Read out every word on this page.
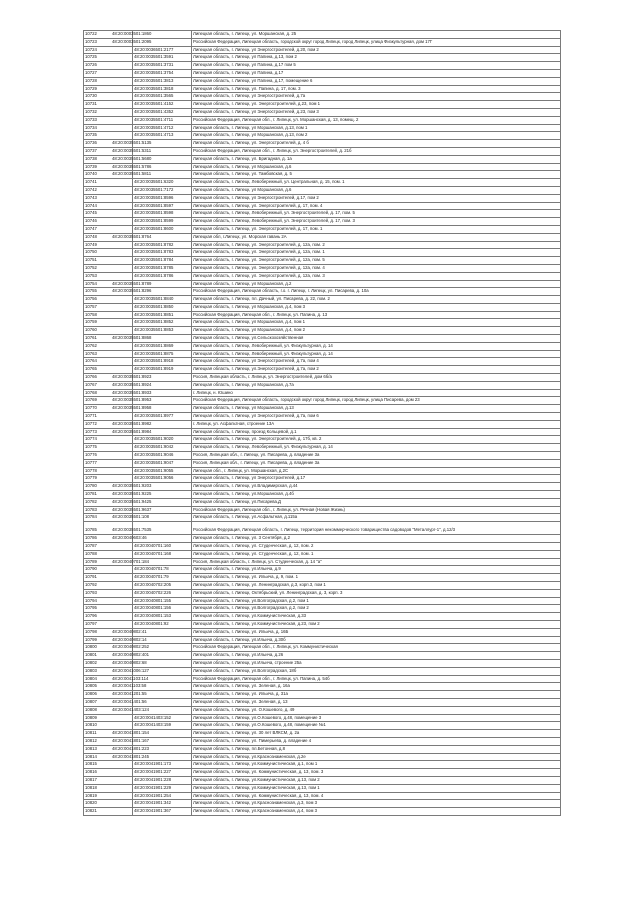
10722	48:20:0003501:1860	Липецкая область, г. Липецк, ул. Моршанская, д. 25
10723	48:20:0003501:2095	Российская Федерация, Липецкая область, городской округ город Липецк, город Липецк, улица Физкультурная, дом 17Г
10724	48:20:0036501:2177	Липецкая область, г. Липецк, ул Энергостроителей, д.20, пом 2
10725	48:20:0035501:3591	Липецкая область, г. Липецк, ул Папина, д.13, пом 2
10726	48:20:0035501:3731	Липецкая область, г. Липецк, ул Папина, д.17 пом 5
10727	48:20:0035501:3754	Липецкая область, г. Липецк, ул Папина, д.17
10728	48:20:0035501:3813	Липецкая область, г. Липецк, ул Папина, д.17, помещение 6
10729	48:20:0035501:3818	Липецкая область, г. Липецк, ул. Папина, д. 17, пом. 3
10730	48:20:0035501:3565	Липецкая область, г. Липецк, ул Энергостроителей, д.7а
10731	48:20:0035501:4152	Липецкая область, г. Липецк, ул. Энергостроителей, д.23, пом 1
10732	48:20:0035501:4352	Липецкая область, г. Липецк, ул Энергостроителей, д.23, пом 3
10733	48:20:0035501:4711	Российская Федерация, Липецкая обл., г. Липецк, ул. Моршанская, д. 13, помещ. 2
10734	48:20:0035501:4712	Липецкая область, г. Липецк, ул Моршанская, д.13, пом 1
10735	48:20:0035501:4713	Липецкая область, г. Липецк, ул Моршанская, д.13, пом 2
10736	48:20:0035501:5135	Липецкая область, г. Липецк, ул. Энергостроителей, д. 4 б
10737	48:20:0035501:5311	Российская Федерация, Липецкая обл., г. Липецк, ул. Энергостроителей, д. 21б
10738	48:20:0035501:5680	Липецкая область, г. Липецк, ул. Бригадная, д. 1а
10739	48:20:0035501:5786	Липецкая область, г. Липецк, ул Моршанская, д.6
10740	48:20:0035501:5811	Липецкая область, г. Липецк, ул. Тамбовская, д. 5
10741	48:20:0035501:6320	Липецкая область, г. Липецк, Левобережный, ул. Центральная, д. 15, пом. 1
10742	48:20:0035501:7172	Липецкая область, г. Липецк, ул Моршанская, д.6
10743	48:20:0035501:8596	Липецкая область, г. Липецк, ул Энергостроителей, д.17, пом 2
10744	48:20:0035501:8597	Липецкая область, г. Липецк, ул. Энергостроителей, д. 17, пом. 4
10745	48:20:0035501:8598	Липецкая область, г. Липецк, Левобережный, ул. Энергостроителей, д. 17, пом. 5
10746	48:20:0035501:8599	Липецкая область, г. Липецк, Левобережный, ул. Энергостроителей, д. 17, пом. 3
10747	48:20:0035501:8600	Липецкая область, г. Липецк, ул. Энергостроителей, д. 17, пом. 1
10748	48:20:0035501:8764	Липецкая обл, г.Липецк, ул. Морская гавань 2А
10749	48:20:0035501:8782	Липецкая область, г. Липецк, ул. Энергостроителей, д. 12а, пом. 2
10750	48:20:0035501:8783	Липецкая область, г. Липецк, ул. Энергостроителей, д. 12а, пом. 1
10751	48:20:0035501:8784	Липецкая область, г. Липецк, ул. Энергостроителей, д. 12а, пом. 5
10752	48:20:0035501:8785	Липецкая область, г. Липецк, ул. Энергостроителей, д. 12а, пом. 4
10753	48:20:0035501:8786	Липецкая область, г. Липецк, ул. Энергостроителей, д. 12а, пом. 3
10754	48:20:0035501:8789	Липецкая область, г. Липецк, ул Моршанская, д.2
10755	48:20:0035501:8296	Российская Федерация, Липецкая область, г.о. г. Липецк, г. Липецк, ул. Писарева, д. 10а
10756	48:20:0035501:8840	Липецкая область, г. Липецк, пл. Дачный, ул. Писарева, д. 22, пом. 2
10757	48:20:0035501:8850	Липецкая область, г. Липецк, ул Моршанская, д.4, пом 3
10758	48:20:0035501:8851	Российская Федерация, Липецкая обл., г. Липецк, ул. Папина, д. 13
10759	48:20:0035501:8852	Липецкая область, г. Липецк, ул Моршанская, д.4, пом 1
10760	48:20:0035501:8853	Липецкая область, г. Липецк, ул Моршанская, д.4, пом 2
10761	48:20:0035501:8868	Липецкая область, г. Липецк, ул.Сельскохозяйственная
10762	48:20:0035501:8869	Липецкая область, г. Липецк, Левобережный, ул. Физкультурная, д. 14
10763	48:20:0035501:8875	Липецкая область, г. Липецк, Левобережный, ул. Физкультурная, д. 14
10764	48:20:0035501:8918	Липецкая область, г. Липецк, ул Энергостроителей, д.7а, пом 4
10765	48:20:0035501:8919	Липецкая область, г. Липецк, ул.Энергостроителей, д.7а, пом 2
10766	48:20:0035501:8923	Россия, Липецкая область, г. Липецк, ул. Энергостроителей, дом 6б/а
10767	48:20:0035501:8924	Липецкая область, г. Липецк, ул Моршанская, д.7а
10768	48:20:0035501:8933	г. Липецк, н. Юшино
10769	48:20:0035501:8953	Российская Федерация, Липецкая область, городской округ город Липецк, город Липецк, улица Писарева, дом 23
10770	48:20:0035501:8958	Липецкая область, г. Липецк, ул Моршанская, д.13
10771	48:20:0035501:8977	Липецкая область, г. Липецк, ул Энергостроителей, д.7а, пом 6
10772	48:20:0035501:8982	г. Липецк, ул. Асфальтная, строение 13А
10773	48:20:0035501:8984	Липецкая область, г. Липецк, проезд Кольцевой, д.1
10774	48:20:0035501:9020	Липецкая область, г. Липецк, ул. Энергостроителей, д. 17б, кв. 2
10775	48:20:0035501:9042	Липецкая область, г. Липецк, Левобережный, ул. Физкультурная, д. 14
10776	48:20:0035501:9046	Россия, Липецкая обл., г. Липецк, ул. Писарева, д. владение 3а
10777	48:20:0035501:9047	Россия, Липецкая обл., г. Липецк, ул. Писарева, д. владение 3а
10778	48:20:0035501:9055	Липецкая обл., г. Липецк, ул. Моршанская, д.2С
10779	48:20:0035501:9056	Липецкая область, г. Липецк, ул Энергостроителей, д.17
10780	48:20:0035501:9203	Липецкая область, г. Липецк, ул.Владимирская, д.44
10781	48:20:0035501:9225	Липецкая область, г. Липецк, ул.Моршанская, д.4б
10782	48:20:0035501:9425	Липецкая область, г. Липецк, ул.Писарева,Д
10783	48:20:0035501:9637	Российская Федерация, Липецкая обл., г. Липецк, ул. Речная (Новая Жизнь)
10784	48:20:0035501:108	Липецкая область, г. Липецк, ул.Асфальтная, д.115а
10785	48:20:0035501:7535	Российская Федерация, Липецкая область, г. Липецк, территория некоммерческого товарищества садоводов "Металлург-1", д.12/3
10786	48:20:0040603:46	Липецкая область, г. Липецк, ул. 3 Сентября, д.2
10787	48:20:0040701:160	Липецкая область, г. Липецк, ул. Студенческая, д. 12, пом. 2
10788	48:20:0040701:168	Липецкая область, г. Липецк, ул. Студенческая, д. 12, пом. 1
10789	48:20:0040701:184	Россия, Липецкая область, г. Липецк, ул. Студенческая, д. 14 "а"
10790	48:20:0040701:78	Липецкая область, г. Липецк, ул.Ильича, д.9
10791	48:20:0040701:79	Липецкая область, г. Липецк, ул. Ильича, д. 9, пом. 1
10792	48:20:0040702:205	Липецкая область, г. Липецк, ул. Ленинградская, д.3, корп.3, пом 1
10793	48:20:0040702:226	Липецкая область, г. Липецк, Октябрьский, ул. Ленинградская, д. 3, корп. 3
10794	48:20:0040801:155	Липецкая область, г. Липецк, ул.Волгоградская, д.2, пом 1
10795	48:20:0040801:156	Липецкая область, г. Липецк, ул.Волгоградская, д.2, пом 2
10796	48:20:0040801:153	Липецкая область, г. Липецк, ул.Коммунистическая, д.33
10797	48:20:0040801:92	Липецкая область, г. Липецк, ул.Коммунистическая, д.23, пом 2
10798	48:20:0040802:41	Липецкая область, г. Липецк, ул. Ильича, д. 16Б
10799	48:20:0040802:14	Липецкая область, г. Липецк, ул.Ильича, д.30б
10800	48:20:0040802:252	Российская Федерация, Липецкая обл., г. Липецк, ул. Коммунистическая
10801	48:20:0040802:401	Липецкая область, г. Липецк, ул.Ильича, д.26
10802	48:20:0040802:68	Липецкая область, г. Липецк, ул.Ильича, строение 25а
10803	48:20:0041006:127	Липецкая область, г. Липецк, ул.Волгоградская, 18б
10804	48:20:0041103:114	Российская Федерация, Липецкая обл., г. Липецк, ул. Папина, д. 54б
10805	48:20:0041103:58	Липецкая область, г. Липецк, ул. Зеленая, д. 16а
10806	48:20:0041201:55	Липецкая область, г. Липецк, ул. Ильича, д. 31а
10807	48:20:0041401:56	Липецкая область, г. Липецк, ул. Зеленая, д. 13
10808	48:20:0041403:124	Липецкая область, г. Липецк, ул. О.Кошевого, д. 49
10809	48:20:0041403:152	Липецкая область, г. Липецк, ул.О.Кошевого, д.48, помещение 3
10810	48:20:0041403:159	Липецкая область, г. Липецк, ул.О.Кошевого, д.48, помещение №1
10811	48:20:0041801:154	Липецкая область, г. Липецк, ул. 30 лет ВЛКСМ, д. 2а
10812	48:20:0041801:167	Липецкая область, г. Липецк, ул. Пимерьева, д. владение 4
10813	48:20:0041801:223	Липецкая область, г. Липецк, пл.Бетонная, д.8
10814	48:20:0041801:245	Липецкая область, г. Липецк, ул.Краснознаменская, д.2е
10815	48:20:0041901:173	Липецкая область, г. Липецк, ул.Коммунистическая, д.1, пом 1
10816	48:20:0041901:227	Липецкая область, г. Липецк, ул. Коммунистическая, д. 13, пом. 3
10817	48:20:0041901:228	Липецкая область, г. Липецк, ул.Коммунистическая, д.13, пом 2
10818	48:20:0041901:229	Липецкая область, г. Липецк, ул.Коммунистическая, д.13, пом 1
10819	48:20:0041901:254	Липецкая область, г. Липецк, ул. Коммунистическая, д. 13, пом. 4
10820	48:20:0041901:342	Липецкая область, г. Липецк, ул.Краснознаменская, д.3, пом 3
10821	48:20:0041901:367	Липецкая область, г. Липецк, ул.Краснознаменская, д.4, пом 3
